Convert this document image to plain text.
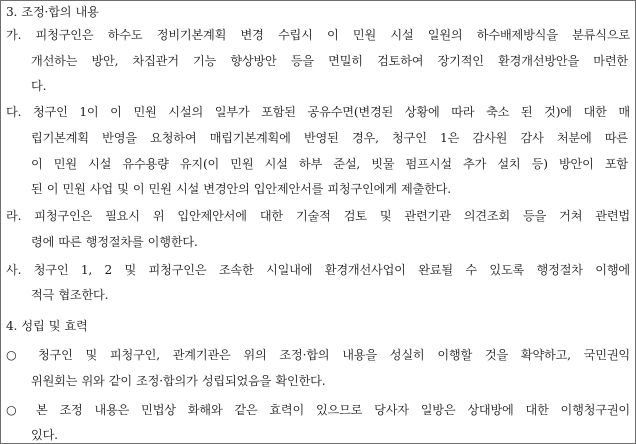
3. 조정·합의 내용
가. 피청구인은 하수도 정비기본계획 변경 수립시 이 민원 시설 일원의 하수배제방식을 분류식으로
개선하는 방안, 차집관거 기능 향상방안 등을 면밀히 검토하여 장기적인 환경개선방안을 마련한
다.
다. 청구인 1이 이 민원 시설의 일부가 포함된 공유수면(변경된 상황에 따라 축소 된 것)에 대한 매
립기본계획 반영을 요청하여 매립기본계획에 반영된 경우, 청구인 1은 감사원 감사 처분에 따른
이 민원 시설 유수용량 유지(이 민원 시설 하부 준설, 빗물 펌프시설 추가 설치 등) 방안이 포함
된 이 민원 사업 및 이 민원 시설 변경안의 입안제안서를 피청구인에게 제출한다.
라. 피청구인은 필요시 위 입안제안서에 대한 기술적 검토 및 관련기관 의견조회 등을 거쳐 관련법
령에 따른 행정절차를 이행한다.
사. 청구인 1, 2 및 피청구인은 조속한 시일내에 환경개선사업이 완료될 수 있도록 행정절차 이행에
적극 협조한다.
4. 성립 및 효력
○ 청구인 및 피청구인, 관계기관은 위의 조정·합의 내용을 성실히 이행할 것을 확약하고, 국민권익
위원회는 위와 같이 조정·합의가 성립되었음을 확인한다.
○ 본 조정 내용은 민법상 화해와 같은 효력이 있으므로 당사자 일방은 상대방에 대한 이행청구권이
있다.
